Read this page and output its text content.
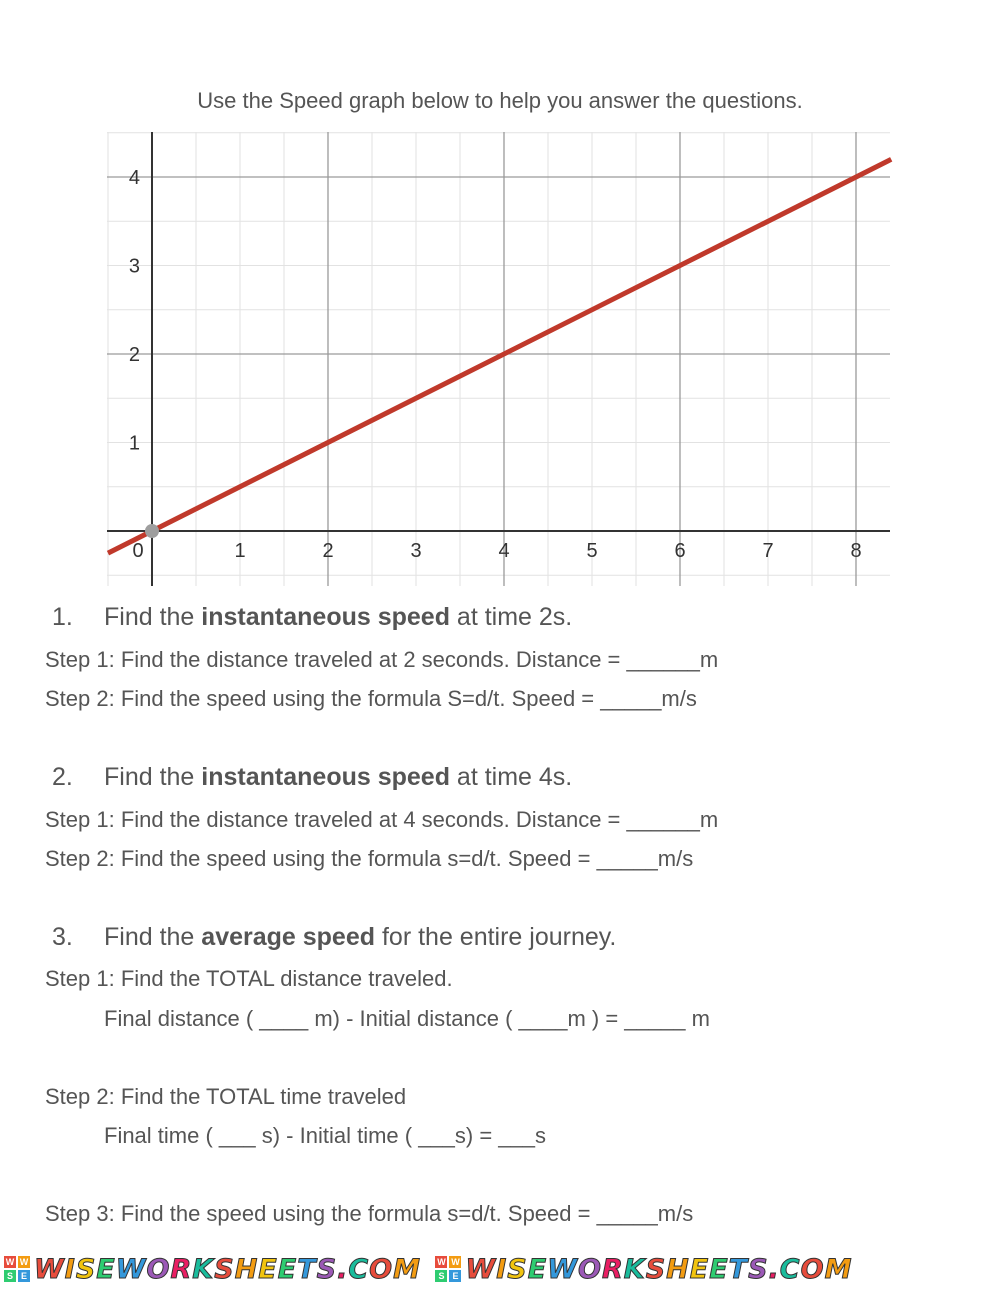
Use the Speed graph below to help you answer the questions.
0	1	2	3	4	5	6	7	8
1
2
3
4
1. Find the instantaneous speed at time 2s.
Step 1: Find the distance traveled at 2 seconds. Distance = ______m
Step 2: Find the speed using the formula S=d/t. Speed = _____m/s
2. Find the instantaneous speed at time 4s.
Step 1: Find the distance traveled at 4 seconds. Distance = ______m
Step 2: Find the speed using the formula s=d/t. Speed = _____m/s
3. Find the average speed for the entire journey.
Step 1: Find the TOTAL distance traveled.
Final distance ( ____ m) - Initial distance ( ____m ) = _____ m
Step 2: Find the TOTAL time traveled
Final time ( ___ s) - Initial time ( ___s) = ___s
Step 3: Find the speed using the formula s=d/t. Speed = _____m/s
W W
S E WISEWORKSHEETS.COM
W W
S E WISEWORKSHEETS.COM
